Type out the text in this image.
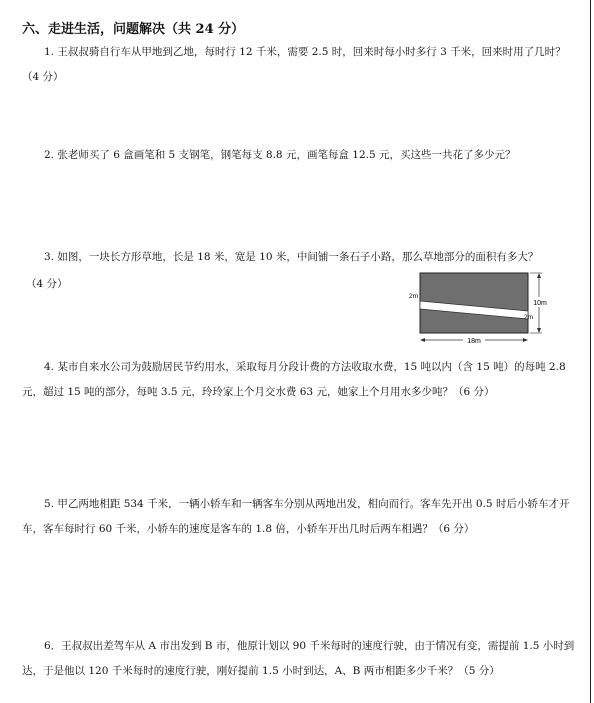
六、走进生活，问题解决（共 24 分）
1. 王叔叔骑自行车从甲地到乙地，每时行 12 千米，需要 2.5 时，回来时每小时多行 3 千米，回来时用了几时？（4 分）
2. 张老师买了 6 盒画笔和 5 支钢笔，钢笔每支 8.8 元，画笔每盒 12.5 元，买这些一共花了多少元？
3. 如图，一块长方形草地，长是 18 米，宽是 10 米，中间铺一条石子小路，那么草地部分的面积有多大？
（4 分）
18m
2m
2m
10m
4. 某市自来水公司为鼓励居民节约用水，采取每月分段计费的方法收取水费，15 吨以内（含 15 吨）的每吨 2.8 元，超过 15 吨的部分，每吨 3.5 元，玲玲家上个月交水费 63 元，她家上个月用水多少吨？（6 分）
5. 甲乙两地相距 534 千米，一辆小轿车和一辆客车分别从两地出发，相向而行。客车先开出 0.5 时后小轿车才开车，客车每时行 60 千米，小轿车的速度是客车的 1.8 倍，小轿车开出几时后两车相遇？（6 分）
6．王叔叔出差驾车从 A 市出发到 B 市，他原计划以 90 千米每时的速度行驶，由于情况有变，需提前 1.5 小时到达，于是他以 120 千米每时的速度行驶，刚好提前 1.5 小时到达，A、B 两市相距多少千米？（5 分）
